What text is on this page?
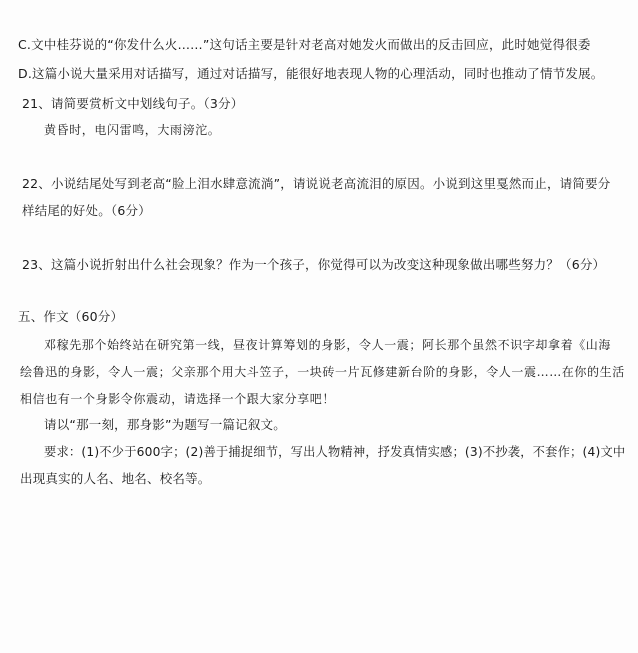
C.文中桂芬说的“你发什么火……”这句话主要是针对老高对她发火而做出的反击回应，此时她觉得很委
D.这篇小说大量采用对话描写，通过对话描写，能很好地表现人物的心理活动，同时也推动了情节发展。
21、请简要赏析文中划线句子。（3分）
黄昏时，电闪雷鸣，大雨滂沱。
22、小说结尾处写到老高“脸上泪水肆意流淌”，请说说老高流泪的原因。小说到这里戛然而止，请简要分
样结尾的好处。（6分）
23、这篇小说折射出什么社会现象？作为一个孩子，你觉得可以为改变这种现象做出哪些努力？（6分）
五、作文（60分）
邓稼先那个始终站在研究第一线，昼夜计算筹划的身影，令人一震；阿长那个虽然不识字却拿着《山海
绘鲁迅的身影，令人一震；父亲那个用大斗笠子，一块砖一片瓦修建新台阶的身影，令人一震……在你的生活
相信也有一个身影令你震动，请选择一个跟大家分享吧！
请以“那一刻，那身影”为题写一篇记叙文。
要求：(1)不少于600字；(2)善于捕捉细节，写出人物精神，抒发真情实感；(3)不抄袭，不套作；(4)文中
出现真实的人名、地名、校名等。
